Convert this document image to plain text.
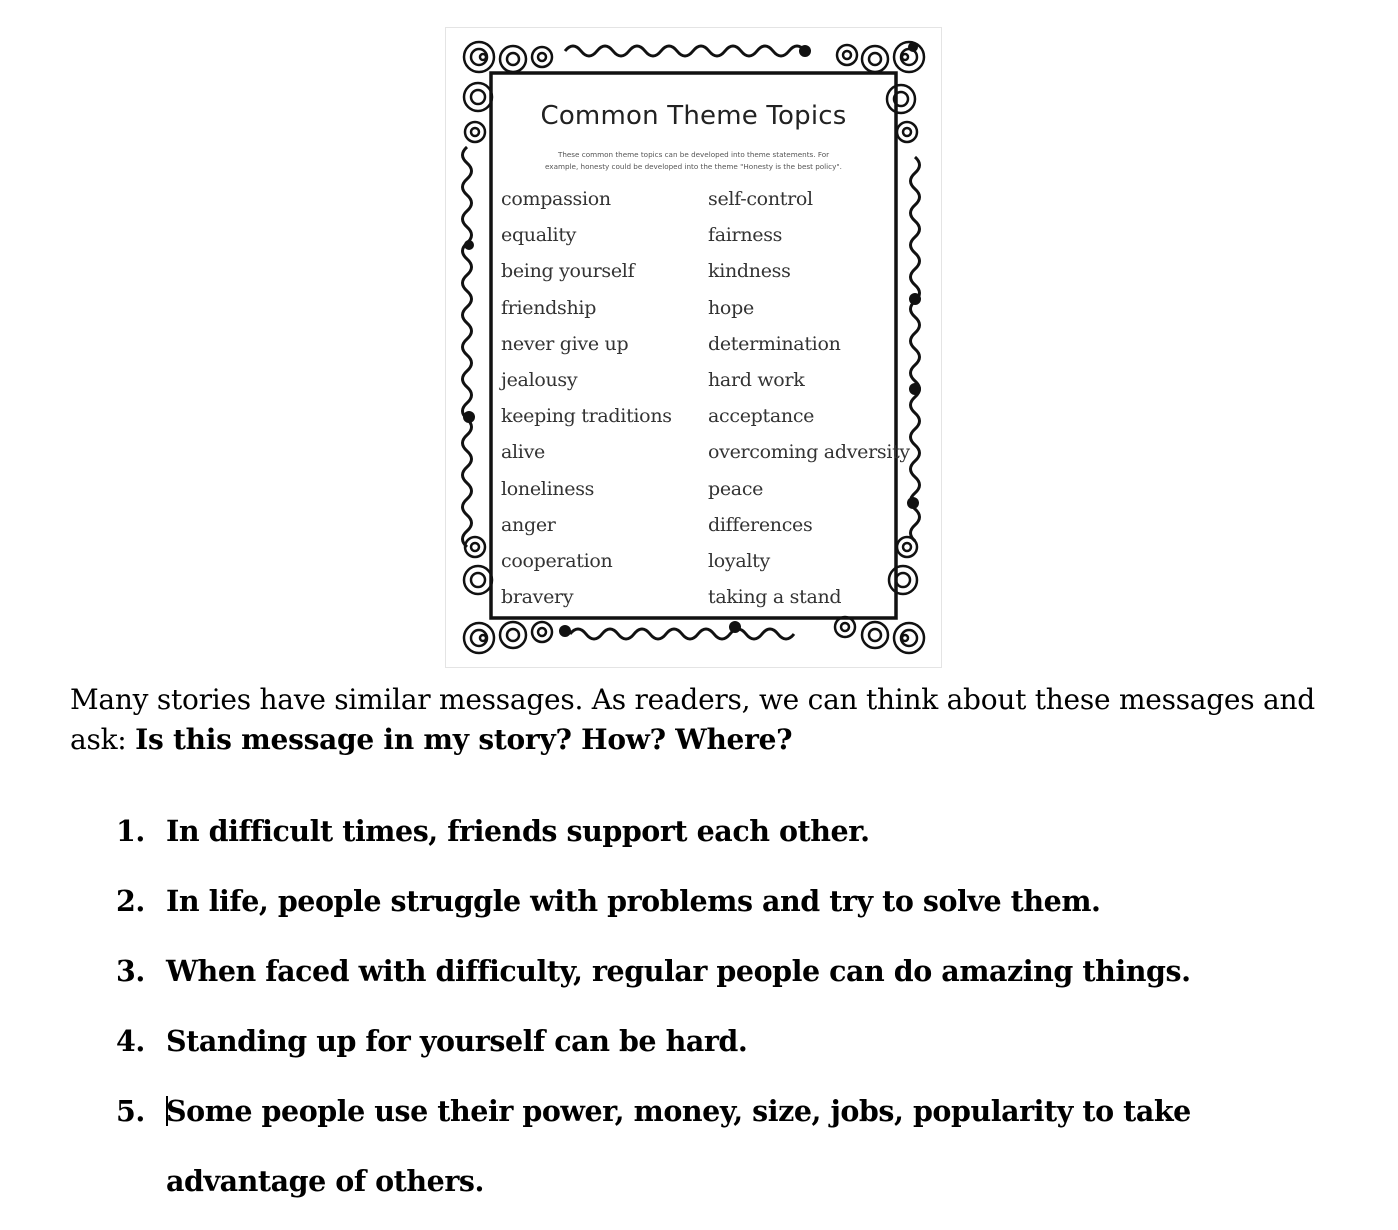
Common Theme Topics
These common theme topics can be developed into theme statements. For
example, honesty could be developed into the theme "Honesty is the best policy".
compassion
equality
being yourself
friendship
never give up
jealousy
keeping traditions
alive
loneliness
anger
cooperation
bravery
self-control
fairness
kindness
hope
determination
hard work
acceptance
overcoming adversity
peace
differences
loyalty
taking a stand

Many stories have similar messages. As readers, we can think about these messages and ask: Is this message in my story? How? Where?

1. In difficult times, friends support each other.
2. In life, people struggle with problems and try to solve them.
3. When faced with difficulty, regular people can do amazing things.
4. Standing up for yourself can be hard.
5. Some people use their power, money, size, jobs, popularity to take advantage of others.
